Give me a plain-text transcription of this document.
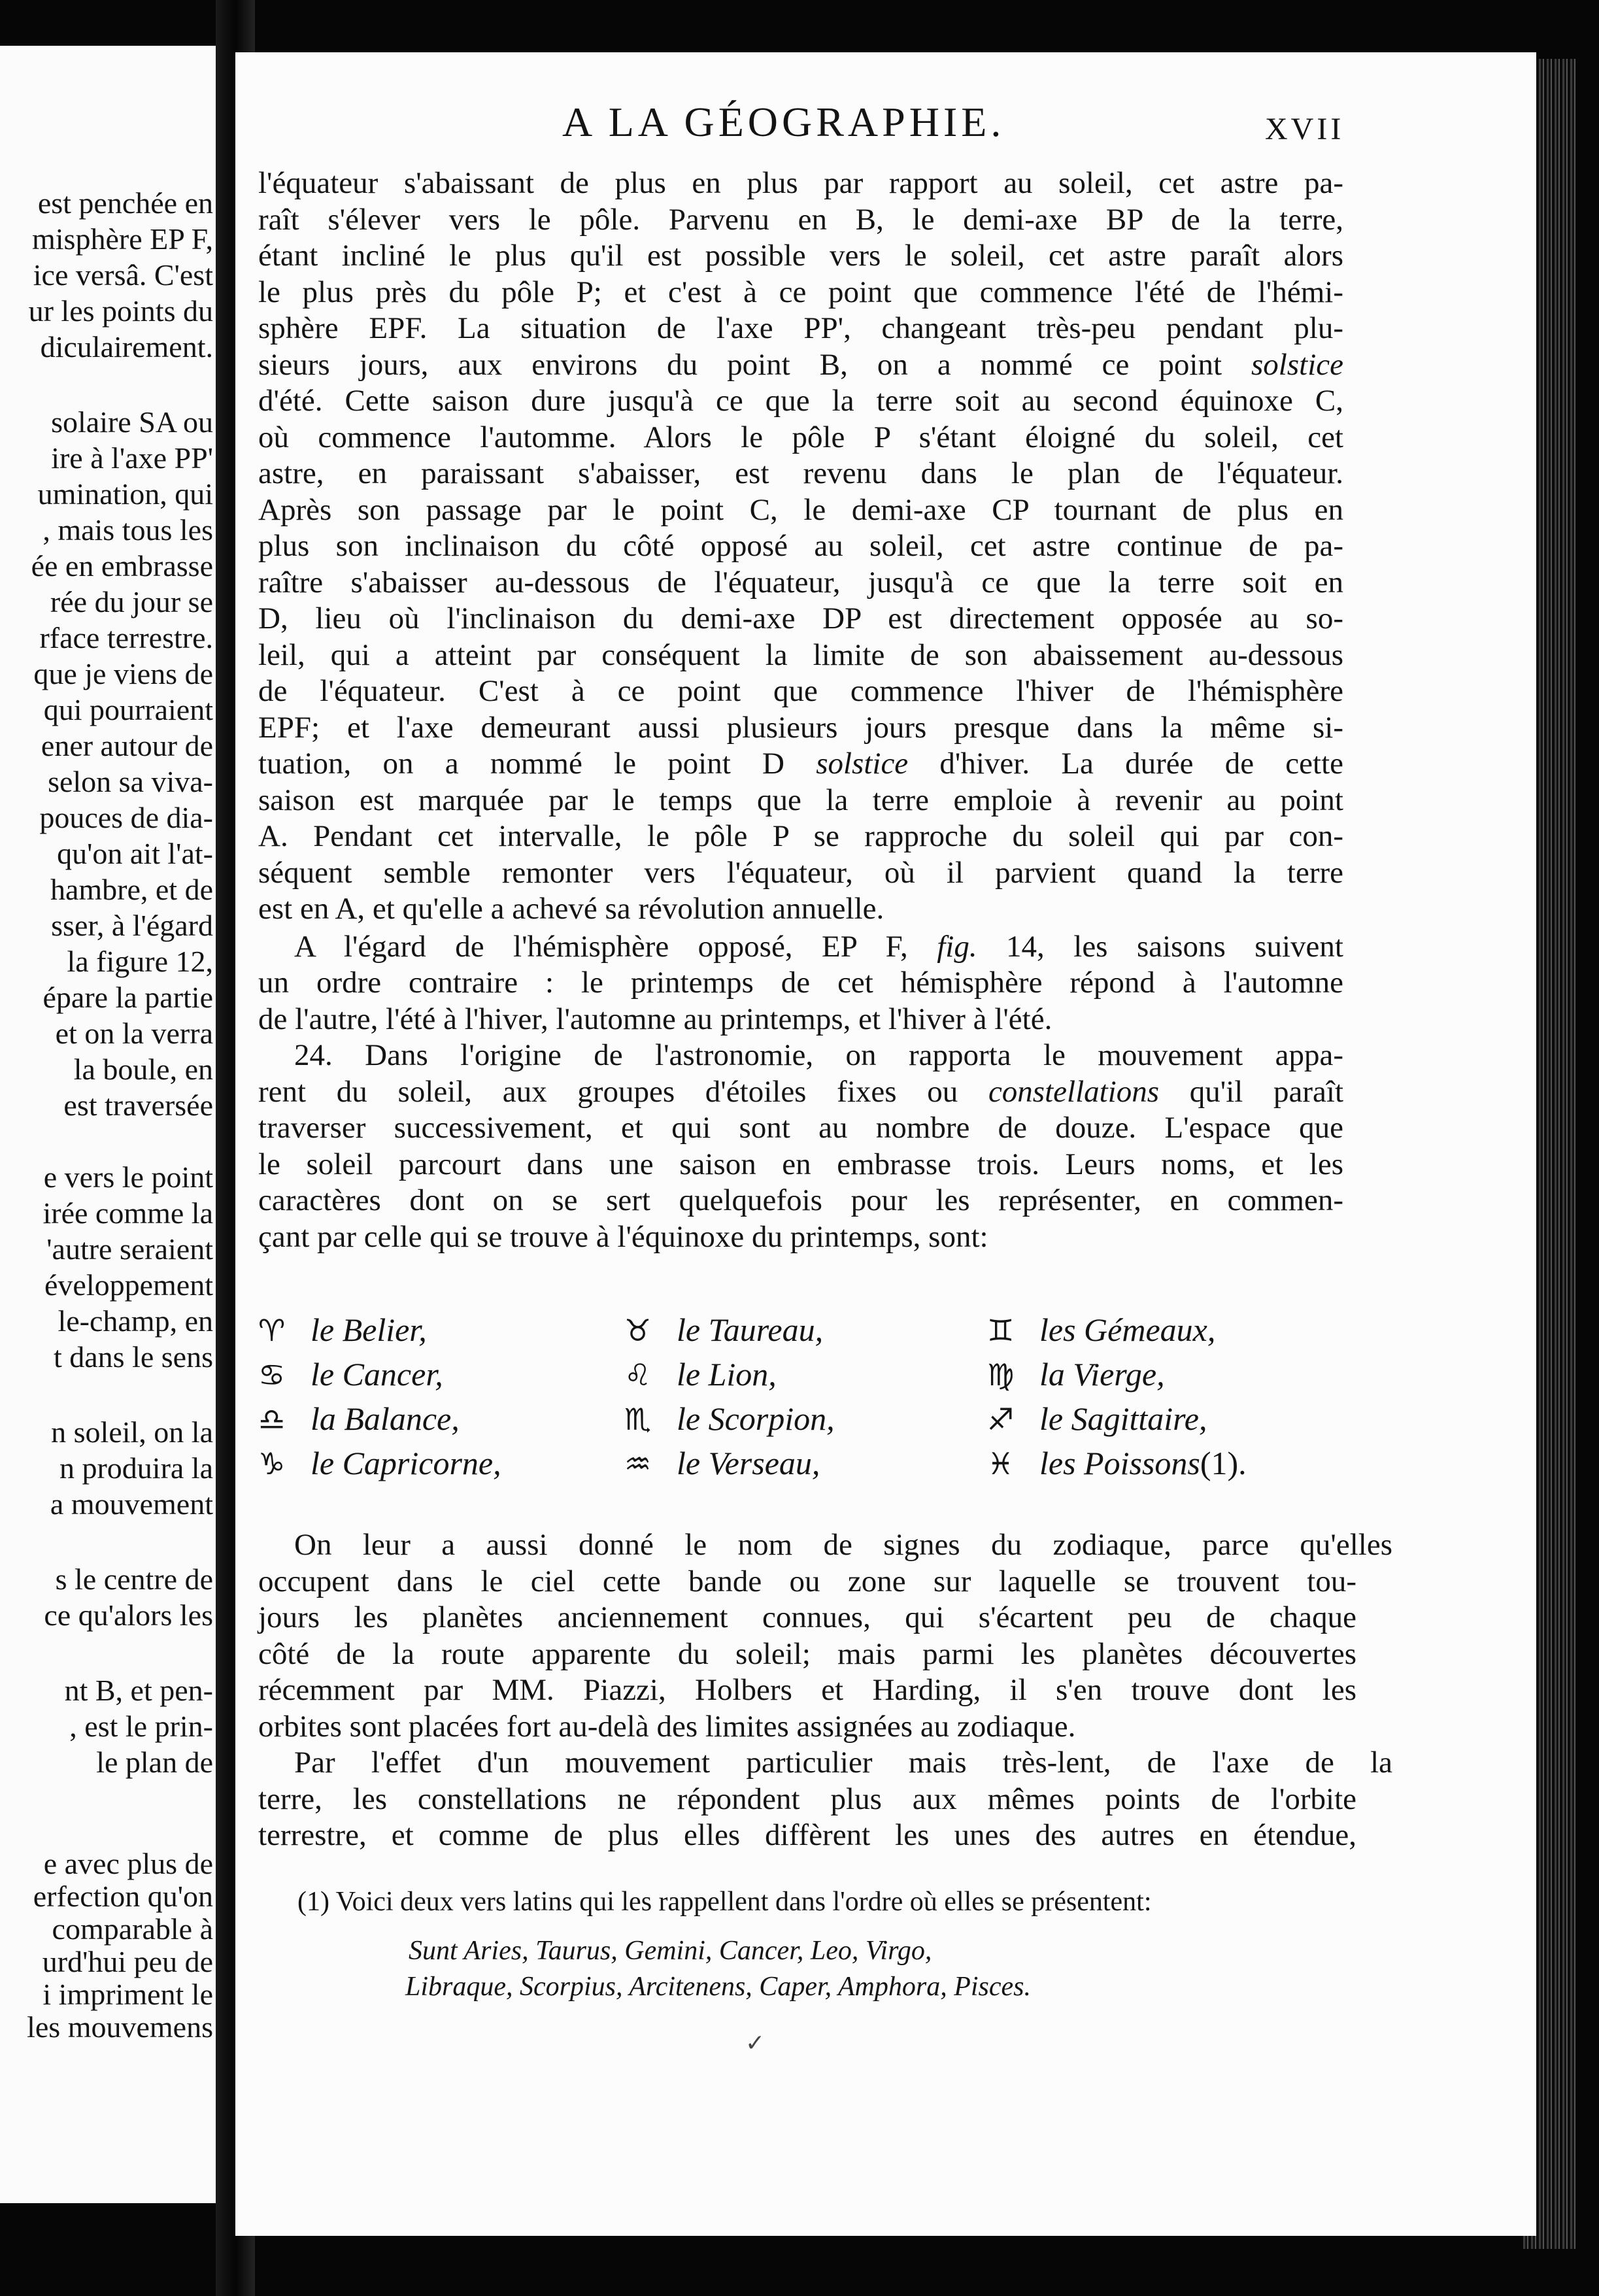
est penchée en
misphère EP F,
ice versâ. C'est
ur les points du
diculairement.
solaire SA ou
ire à l'axe PP'
umination, qui
, mais tous les
ée en embrasse
rée du jour se
rface terrestre.
que je viens de
qui pourraient
ener autour de
selon sa viva-
pouces de dia-
qu'on ait l'at-
hambre, et de
sser, à l'égard
la figure 12,
épare la partie
et on la verra
la boule, en
est traversée
e vers le point
irée comme la
'autre seraient
éveloppement
le-champ, en
t dans le sens
n soleil, on la
n produira la
a mouvement
s le centre de
ce qu'alors les
nt B, et pen-
, est le prin-
le plan de
e avec plus de
erfection qu'on
comparable à
urd'hui peu de
i impriment le
les mouvemens
A LA GÉOGRAPHIE.	XVII
l'équateur s'abaissant de plus en plus par rapport au soleil, cet astre pa-
raît s'élever vers le pôle. Parvenu en B, le demi-axe BP de la terre,
étant incliné le plus qu'il est possible vers le soleil, cet astre paraît alors
le plus près du pôle P; et c'est à ce point que commence l'été de l'hémi-
sphère EPF. La situation de l'axe PP', changeant très-peu pendant plu-
sieurs jours, aux environs du point B, on a nommé ce point solstice
d'été. Cette saison dure jusqu'à ce que la terre soit au second équinoxe C,
où commence l'automme. Alors le pôle P s'étant éloigné du soleil, cet
astre, en paraissant s'abaisser, est revenu dans le plan de l'équateur.
Après son passage par le point C, le demi-axe CP tournant de plus en
plus son inclinaison du côté opposé au soleil, cet astre continue de pa-
raître s'abaisser au-dessous de l'équateur, jusqu'à ce que la terre soit en
D, lieu où l'inclinaison du demi-axe DP est directement opposée au so-
leil, qui a atteint par conséquent la limite de son abaissement au-dessous
de l'équateur. C'est à ce point que commence l'hiver de l'hémisphère
EPF; et l'axe demeurant aussi plusieurs jours presque dans la même si-
tuation, on a nommé le point D solstice d'hiver. La durée de cette
saison est marquée par le temps que la terre emploie à revenir au point
A. Pendant cet intervalle, le pôle P se rapproche du soleil qui par con-
séquent semble remonter vers l'équateur, où il parvient quand la terre
est en A, et qu'elle a achevé sa révolution annuelle.
A l'égard de l'hémisphère opposé, EP F, fig. 14, les saisons suivent
un ordre contraire : le printemps de cet hémisphère répond à l'automne
de l'autre, l'été à l'hiver, l'automne au printemps, et l'hiver à l'été.
24. Dans l'origine de l'astronomie, on rapporta le mouvement appa-
rent du soleil, aux groupes d'étoiles fixes ou constellations qu'il paraît
traverser successivement, et qui sont au nombre de douze. L'espace que
le soleil parcourt dans une saison en embrasse trois. Leurs noms, et les
caractères dont on se sert quelquefois pour les représenter, en commen-
çant par celle qui se trouve à l'équinoxe du printemps, sont:
On leur a aussi donné le nom de signes du zodiaque, parce qu'elles
occupent dans le ciel cette bande ou zone sur laquelle se trouvent tou-
jours les planètes anciennement connues, qui s'écartent peu de chaque
côté de la route apparente du soleil; mais parmi les planètes découvertes
récemment par MM. Piazzi, Holbers et Harding, il s'en trouve dont les
orbites sont placées fort au-delà des limites assignées au zodiaque.
Par l'effet d'un mouvement particulier mais très-lent, de l'axe de la
terre, les constellations ne répondent plus aux mêmes points de l'orbite
terrestre, et comme de plus elles diffèrent les unes des autres en étendue,
♈ le Belier,	♉ le Taureau,	♊ les Gémeaux,
♋ le Cancer,	♌ le Lion,	♍ la Vierge,
♎ la Balance,	♏ le Scorpion,	♐ le Sagittaire,
♑ le Capricorne,	♒ le Verseau,	♓ les Poissons(1).
(1) Voici deux vers latins qui les rappellent dans l'ordre où elles se présentent:
Sunt Aries, Taurus, Gemini, Cancer, Leo, Virgo,
Libraque, Scorpius, Arcitenens, Caper, Amphora, Pisces.
✓
